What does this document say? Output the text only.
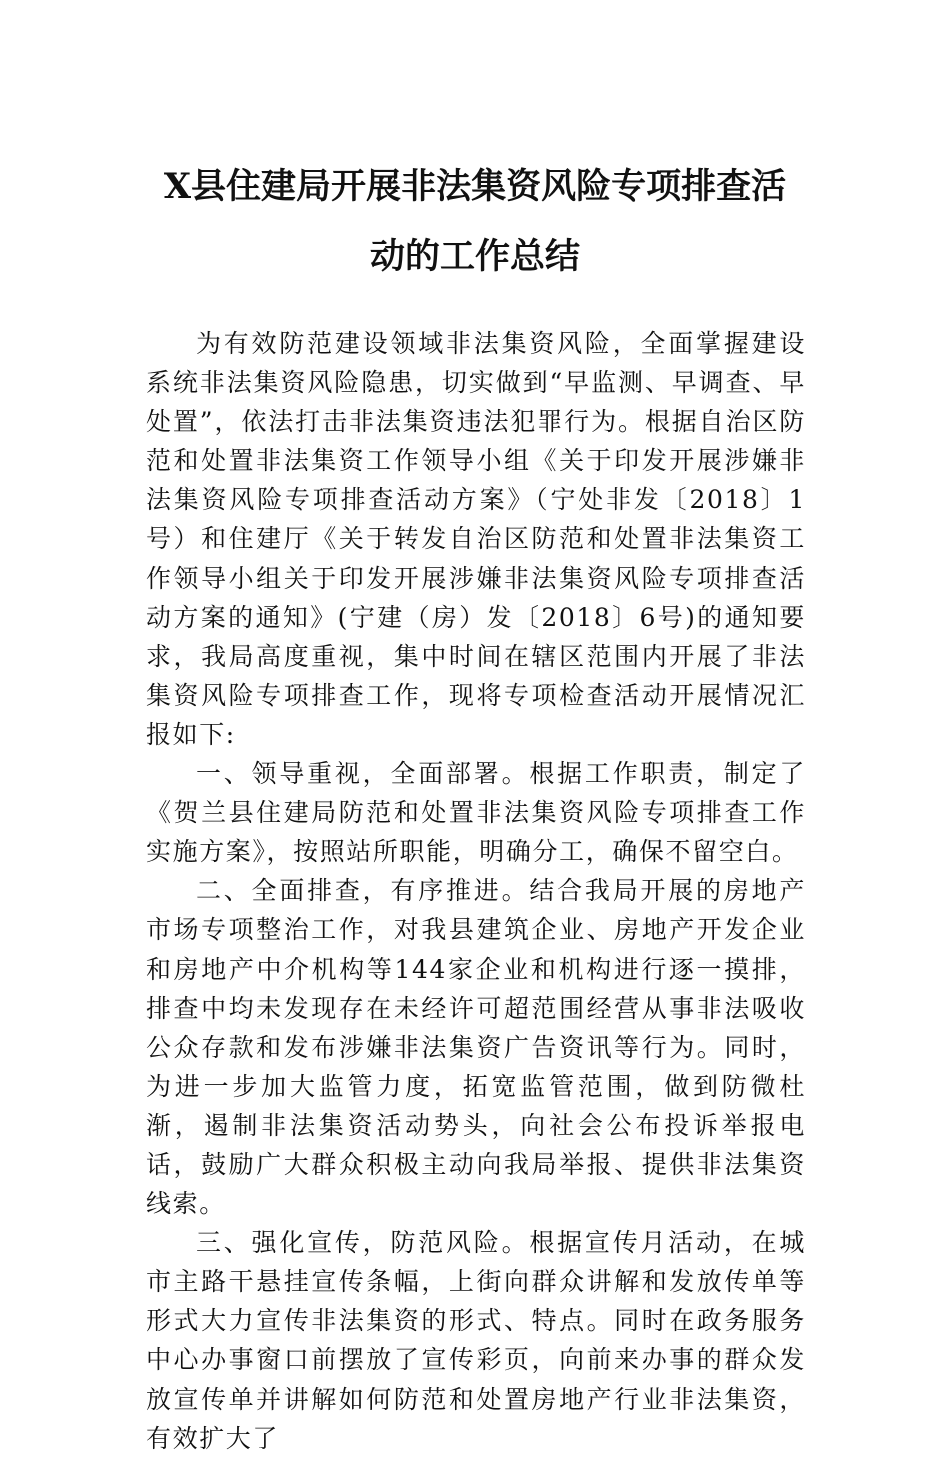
X县住建局开展非法集资风险专项排查活
动的工作总结

为有效防范建设领域非法集资风险，全面掌握建设系统非法集资风险隐患，切实做到“早监测、早调查、早处置”，依法打击非法集资违法犯罪行为。根据自治区防范和处置非法集资工作领导小组《关于印发开展涉嫌非法集资风险专项排查活动方案》（宁处非发〔2018〕1号）和住建厅《关于转发自治区防范和处置非法集资工作领导小组关于印发开展涉嫌非法集资风险专项排查活动方案的通知》(宁建（房）发〔2018〕6号)的通知要求，我局高度重视，集中时间在辖区范围内开展了非法集资风险专项排查工作，现将专项检查活动开展情况汇报如下:

一、领导重视，全面部署。根据工作职责，制定了《贺兰县住建局防范和处置非法集资风险专项排查工作实施方案》，按照站所职能，明确分工，确保不留空白。

二、全面排查，有序推进。结合我局开展的房地产市场专项整治工作，对我县建筑企业、房地产开发企业和房地产中介机构等144家企业和机构进行逐一摸排，排查中均未发现存在未经许可超范围经营从事非法吸收公众存款和发布涉嫌非法集资广告资讯等行为。同时，为进一步加大监管力度，拓宽监管范围，做到防微杜渐，遏制非法集资活动势头，向社会公布投诉举报电话，鼓励广大群众积极主动向我局举报、提供非法集资线索。

三、强化宣传，防范风险。根据宣传月活动，在城市主路干悬挂宣传条幅，上街向群众讲解和发放传单等形式大力宣传非法集资的形式、特点。同时在政务服务中心办事窗口前摆放了宣传彩页，向前来办事的群众发放宣传单并讲解如何防范和处置房地产行业非法集资，有效扩大了
